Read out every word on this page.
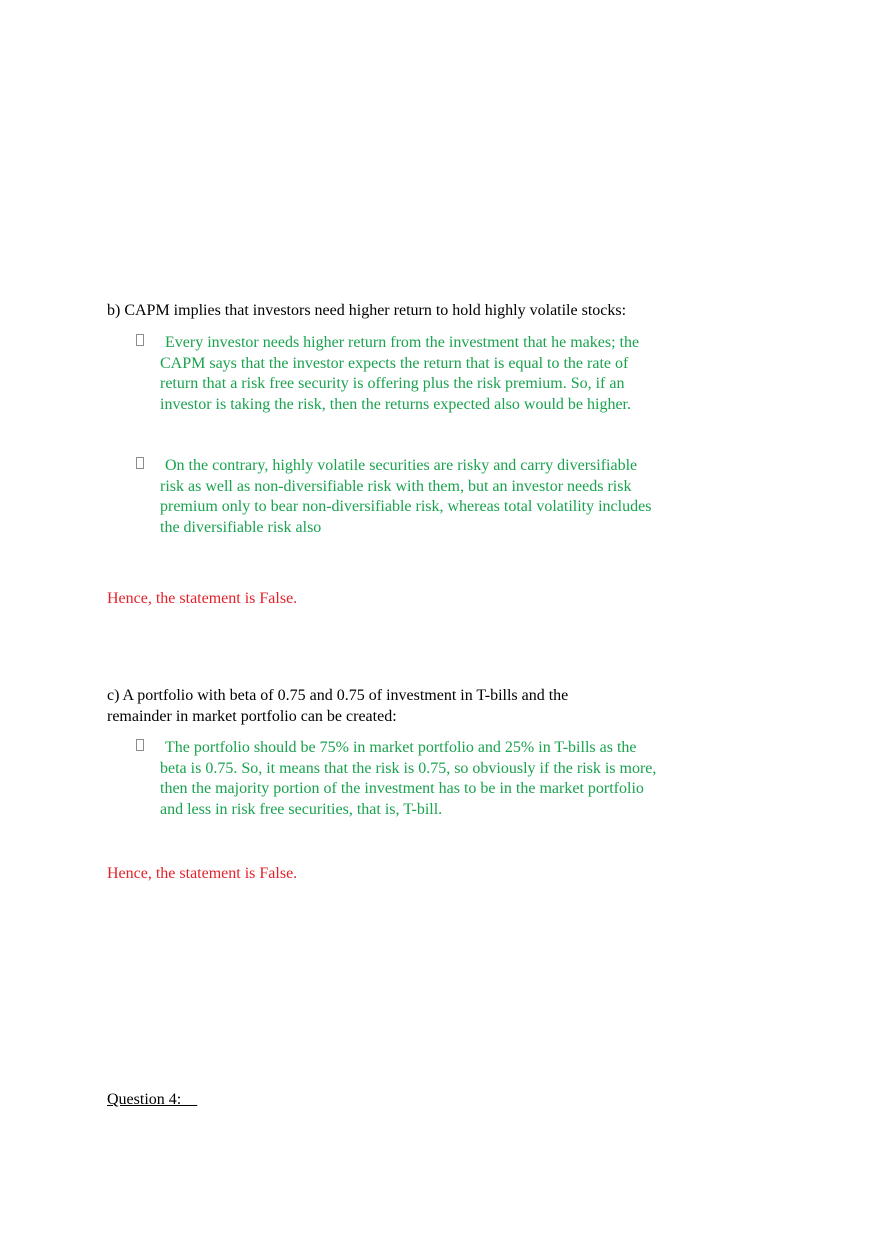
b) CAPM implies that investors need higher return to hold highly volatile stocks:
Every investor needs higher return from the investment that he makes; the CAPM says that the investor expects the return that is equal to the rate of return that a risk free security is offering plus the risk premium. So, if an investor is taking the risk, then the returns expected also would be higher.
On the contrary, highly volatile securities are risky and carry diversifiable risk as well as non-diversifiable risk with them, but an investor needs risk premium only to bear non-diversifiable risk, whereas total volatility includes the diversifiable risk also
Hence, the statement is False.
c) A portfolio with beta of 0.75 and 0.75 of investment in T-bills and the remainder in market portfolio can be created:
The portfolio should be 75% in market portfolio and 25% in T-bills as the beta is 0.75. So, it means that the risk is 0.75, so obviously if the risk is more, then the majority portion of the investment has to be in the market portfolio and less in risk free securities, that is, T-bill.
Hence, the statement is False.
Question 4:
